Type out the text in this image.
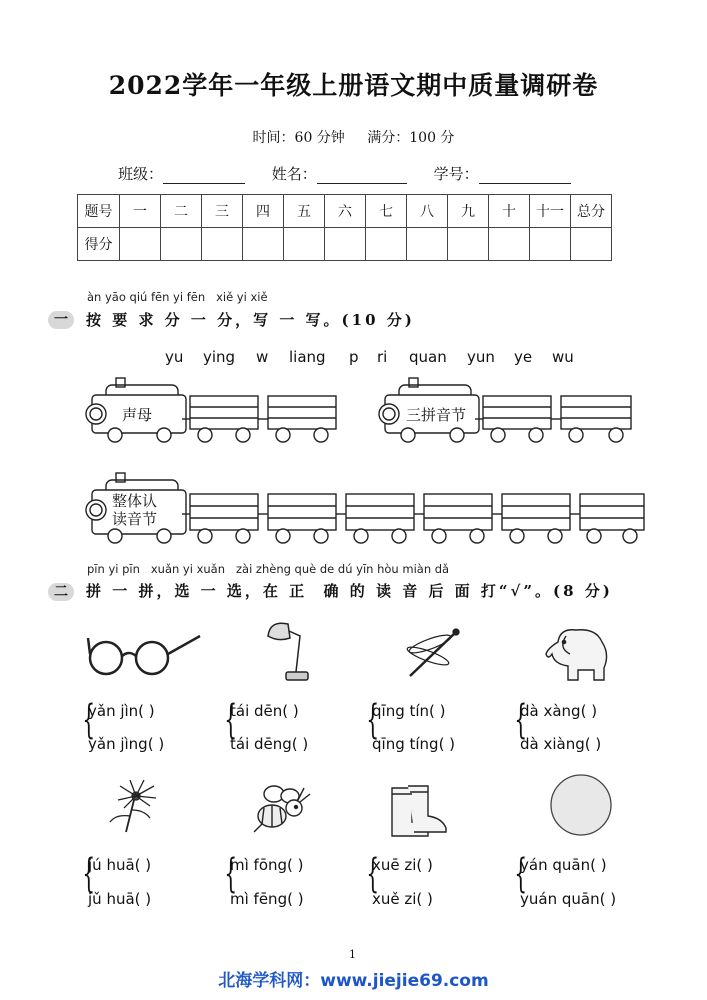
2022学年一年级上册语文期中质量调研卷
时间：60 分钟 满分：100 分
班级：	姓名：	学号：
题号	一	二	三	四	五	六	七	八	九	十	十一	总分
得分												
àn yāo qiú fēn yi fēn   xiě yi xiě
一	按 要 求 分 一 分，写 一 写。(10 分)
yu ying w liang p ri quan yun ye wu
声母	三拼音节
整体认
读音节
pīn yi pīn   xuǎn yi xuǎn   zài zhèng què de dú yīn hòu miàn dǎ
二	拼 一 拼，选 一 选，在 正  确 的 读 音 后 面 打“√”。(8 分)
{
yǎn jìn( )
yǎn jìng( )
{
tái dēn( )
tái dēng( )
{
qīng tín( )
qīng tíng( )
{
dà xàng( )
dà xiàng( )
{
jú huā( )
jǔ huā( )
{
mì fōng( )
mì fēng( )
{
xuē zi( )
xuě zi( )
{
yán quān( )
yuán quān( )
1
北海学科网：www.jiejie69.com
